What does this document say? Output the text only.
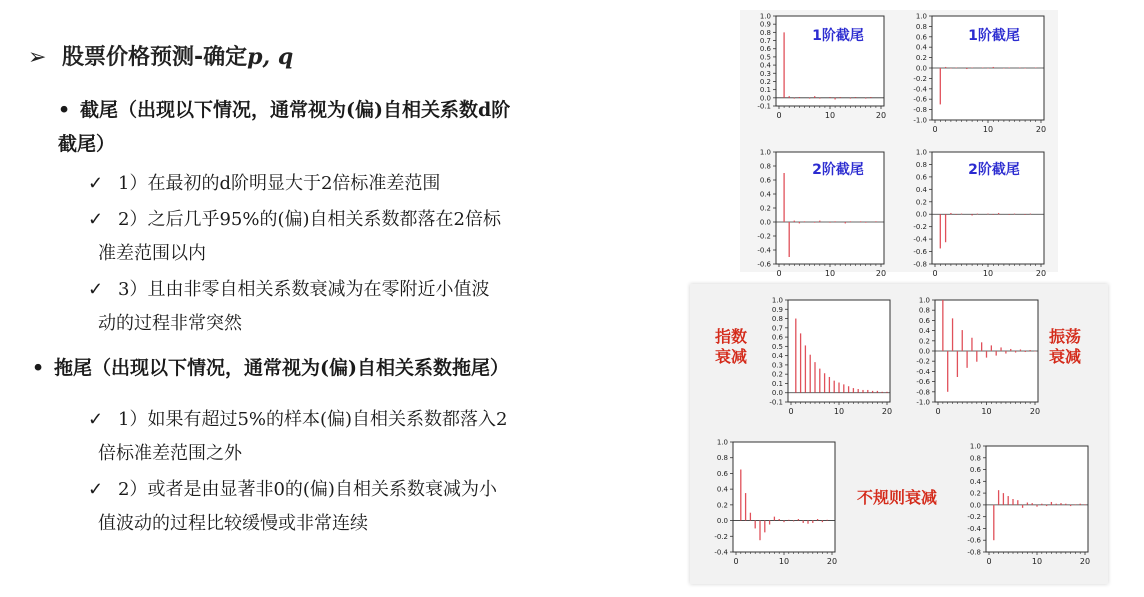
➢ 股票价格预测-确定p, q
• 截尾（出现以下情况，通常视为(偏)自相关系数d阶
截尾）
✓ 1）在最初的d阶明显大于2倍标准差范围
✓ 2）之后几乎95%的(偏)自相关系数都落在2倍标
准差范围以内
✓ 3）且由非零自相关系数衰减为在零附近小值波
动的过程非常突然
• 拖尾（出现以下情况，通常视为(偏)自相关系数拖尾）
✓ 1）如果有超过5%的样本(偏)自相关系数都落入2
倍标准差范围之外
✓ 2）或者是由显著非0的(偏)自相关系数衰减为小
值波动的过程比较缓慢或非常连续
1.0
0.9
0.8
0.7
0.6
0.5
0.4
0.3
0.2
0.1
0.0
-0.1
0	10	20
1阶截尾
1.0
0.8
0.6
0.4
0.2
0.0
-0.2
-0.4
-0.6
-0.8
-1.0
0	10	20
1阶截尾
1.0
0.8
0.6
0.4
0.2
0.0
-0.2
-0.4
-0.6
0	10	20
2阶截尾
1.0
0.8
0.6
0.4
0.2
0.0
-0.2
-0.4
-0.6
-0.8
0	10	20
2阶截尾
1.0
0.9
0.8
0.7
0.6
0.5
0.4
0.3
0.2
0.1
0.0
-0.1
0	10	20
1.0
0.8
0.6
0.4
0.2
0.0
-0.2
-0.4
-0.6
-0.8
-1.0
0	10	20
1.0
0.8
0.6
0.4
0.2
0.0
-0.2
-0.4
0	10	20
1.0
0.8
0.6
0.4
0.2
0.0
-0.2
-0.4
-0.6
-0.8
0	10	20
指数
衰减
振荡
衰减
不规则衰减
